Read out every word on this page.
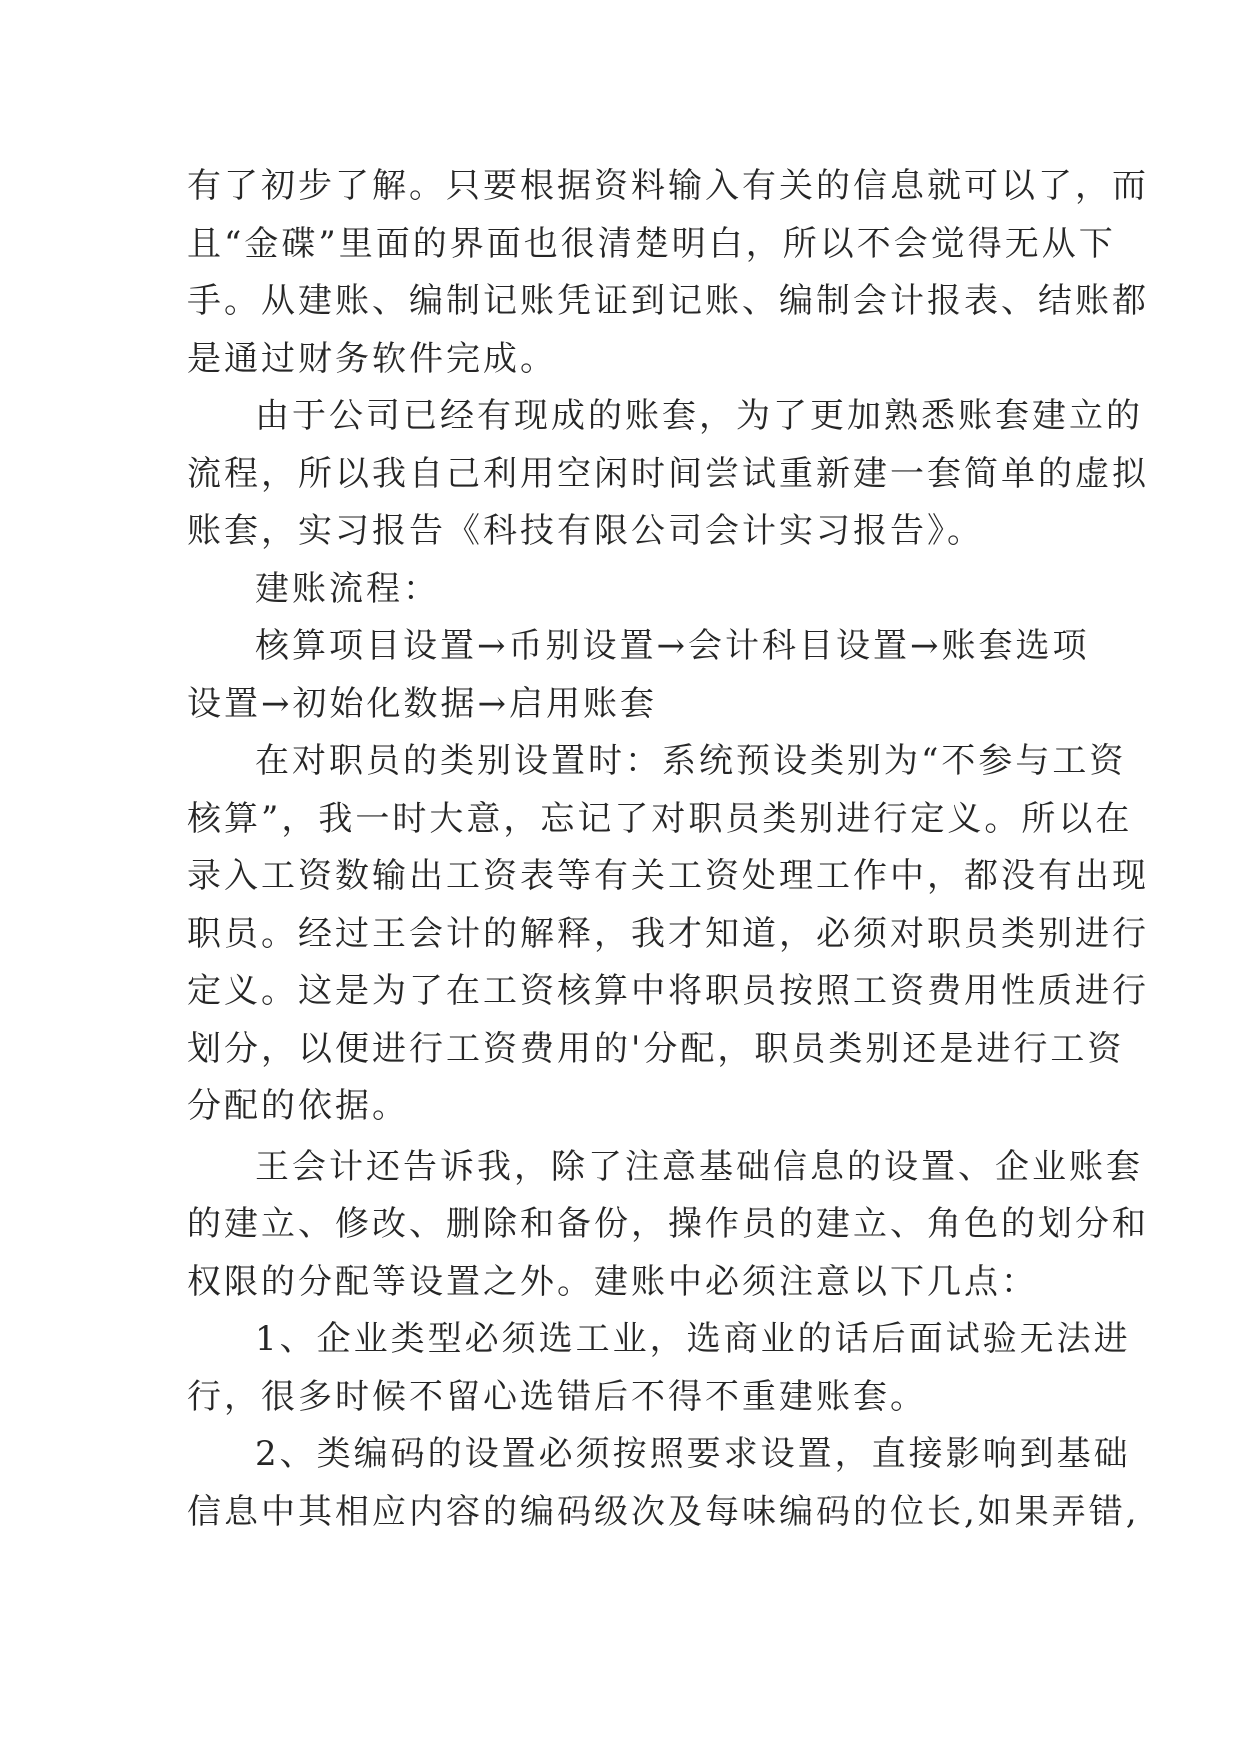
有了初步了解。只要根据资料输入有关的信息就可以了，而
且“金碟”里面的界面也很清楚明白，所以不会觉得无从下
手。从建账、编制记账凭证到记账、编制会计报表、结账都
是通过财务软件完成。
由于公司已经有现成的账套，为了更加熟悉账套建立的
流程，所以我自己利用空闲时间尝试重新建一套简单的虚拟
账套，实习报告《科技有限公司会计实习报告》。
建账流程：
核算项目设置→币别设置→会计科目设置→账套选项
设置→初始化数据→启用账套
在对职员的类别设置时：系统预设类别为“不参与工资
核算”，我一时大意，忘记了对职员类别进行定义。所以在
录入工资数输出工资表等有关工资处理工作中，都没有出现
职员。经过王会计的解释，我才知道，必须对职员类别进行
定义。这是为了在工资核算中将职员按照工资费用性质进行
划分，以便进行工资费用的'分配，职员类别还是进行工资
分配的依据。
王会计还告诉我，除了注意基础信息的设置、企业账套
的建立、修改、删除和备份，操作员的建立、角色的划分和
权限的分配等设置之外。建账中必须注意以下几点：
1、企业类型必须选工业，选商业的话后面试验无法进
行，很多时候不留心选错后不得不重建账套。
2、类编码的设置必须按照要求设置，直接影响到基础
信息中其相应内容的编码级次及每味编码的位长,如果弄错,
